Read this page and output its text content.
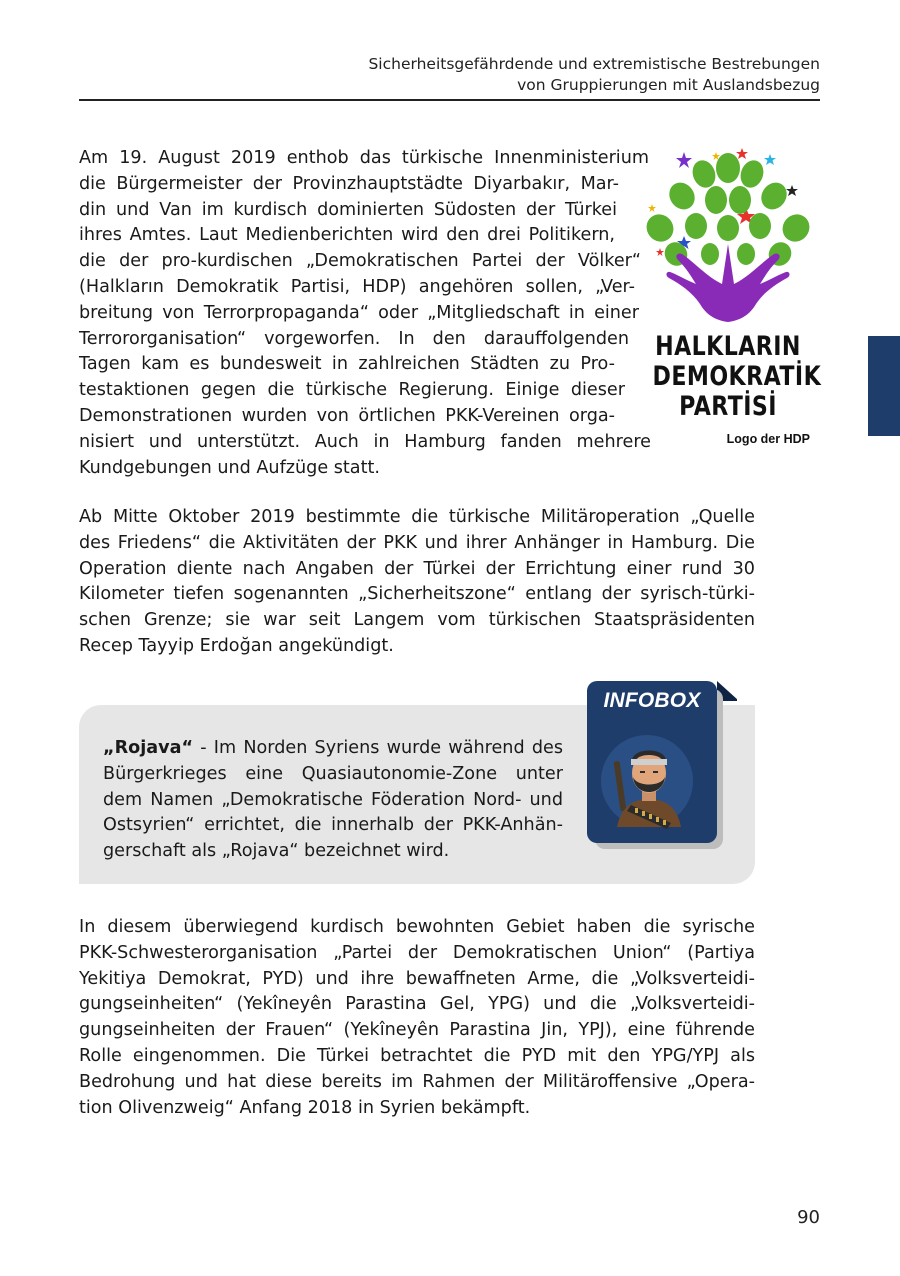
Sicherheitsgefährdende und extremistische Bestrebungen
von Gruppierungen mit Auslandsbezug
Am 19. August 2019 enthob das türkische Innenministerium
die Bürgermeister der Provinzhauptstädte Diyarbakır, Mar-
din und Van im kurdisch dominierten Südosten der Türkei
ihres Amtes. Laut Medienberichten wird den drei Politikern,
die der pro-kurdischen „Demokratischen Partei der Völker“
(Halkların Demokratik Partisi, HDP) angehören sollen, „Ver-
breitung von Terrorpropaganda“ oder „Mitgliedschaft in einer
Terrororganisation“ vorgeworfen. In den darauffolgenden
Tagen kam es bundesweit in zahlreichen Städten zu Pro-
testaktionen gegen die türkische Regierung. Einige dieser
Demonstrationen wurden von örtlichen PKK-Vereinen orga-
nisiert und unterstützt. Auch in Hamburg fanden mehrere
Kundgebungen und Aufzüge statt.
HALKLARIN
DEMOKRATİK
PARTİSİ
Logo der HDP
Ab Mitte Oktober 2019 bestimmte die türkische Militäroperation „Quelle
des Friedens“ die Aktivitäten der PKK und ihrer Anhänger in Hamburg. Die
Operation diente nach Angaben der Türkei der Errichtung einer rund 30
Kilometer tiefen sogenannten „Sicherheitszone“ entlang der syrisch-türki-
schen Grenze; sie war seit Langem vom türkischen Staatspräsidenten
Recep Tayyip Erdoğan angekündigt.
„Rojava“ - Im Norden Syriens wurde während des
Bürgerkrieges eine Quasiautonomie-Zone unter
dem Namen „Demokratische Föderation Nord- und
Ostsyrien“ errichtet, die innerhalb der PKK-Anhän-
gerschaft als „Rojava“ bezeichnet wird.
INFOBOX
In diesem überwiegend kurdisch bewohnten Gebiet haben die syrische
PKK-Schwesterorganisation „Partei der Demokratischen Union“ (Partiya
Yekitiya Demokrat, PYD) und ihre bewaffneten Arme, die „Volksverteidi-
gungseinheiten“ (Yekîneyên Parastina Gel, YPG) und die „Volksverteidi-
gungseinheiten der Frauen“ (Yekîneyên Parastina Jin, YPJ), eine führende
Rolle eingenommen. Die Türkei betrachtet die PYD mit den YPG/YPJ als
Bedrohung und hat diese bereits im Rahmen der Militäroffensive „Opera-
tion Olivenzweig“ Anfang 2018 in Syrien bekämpft.
90
